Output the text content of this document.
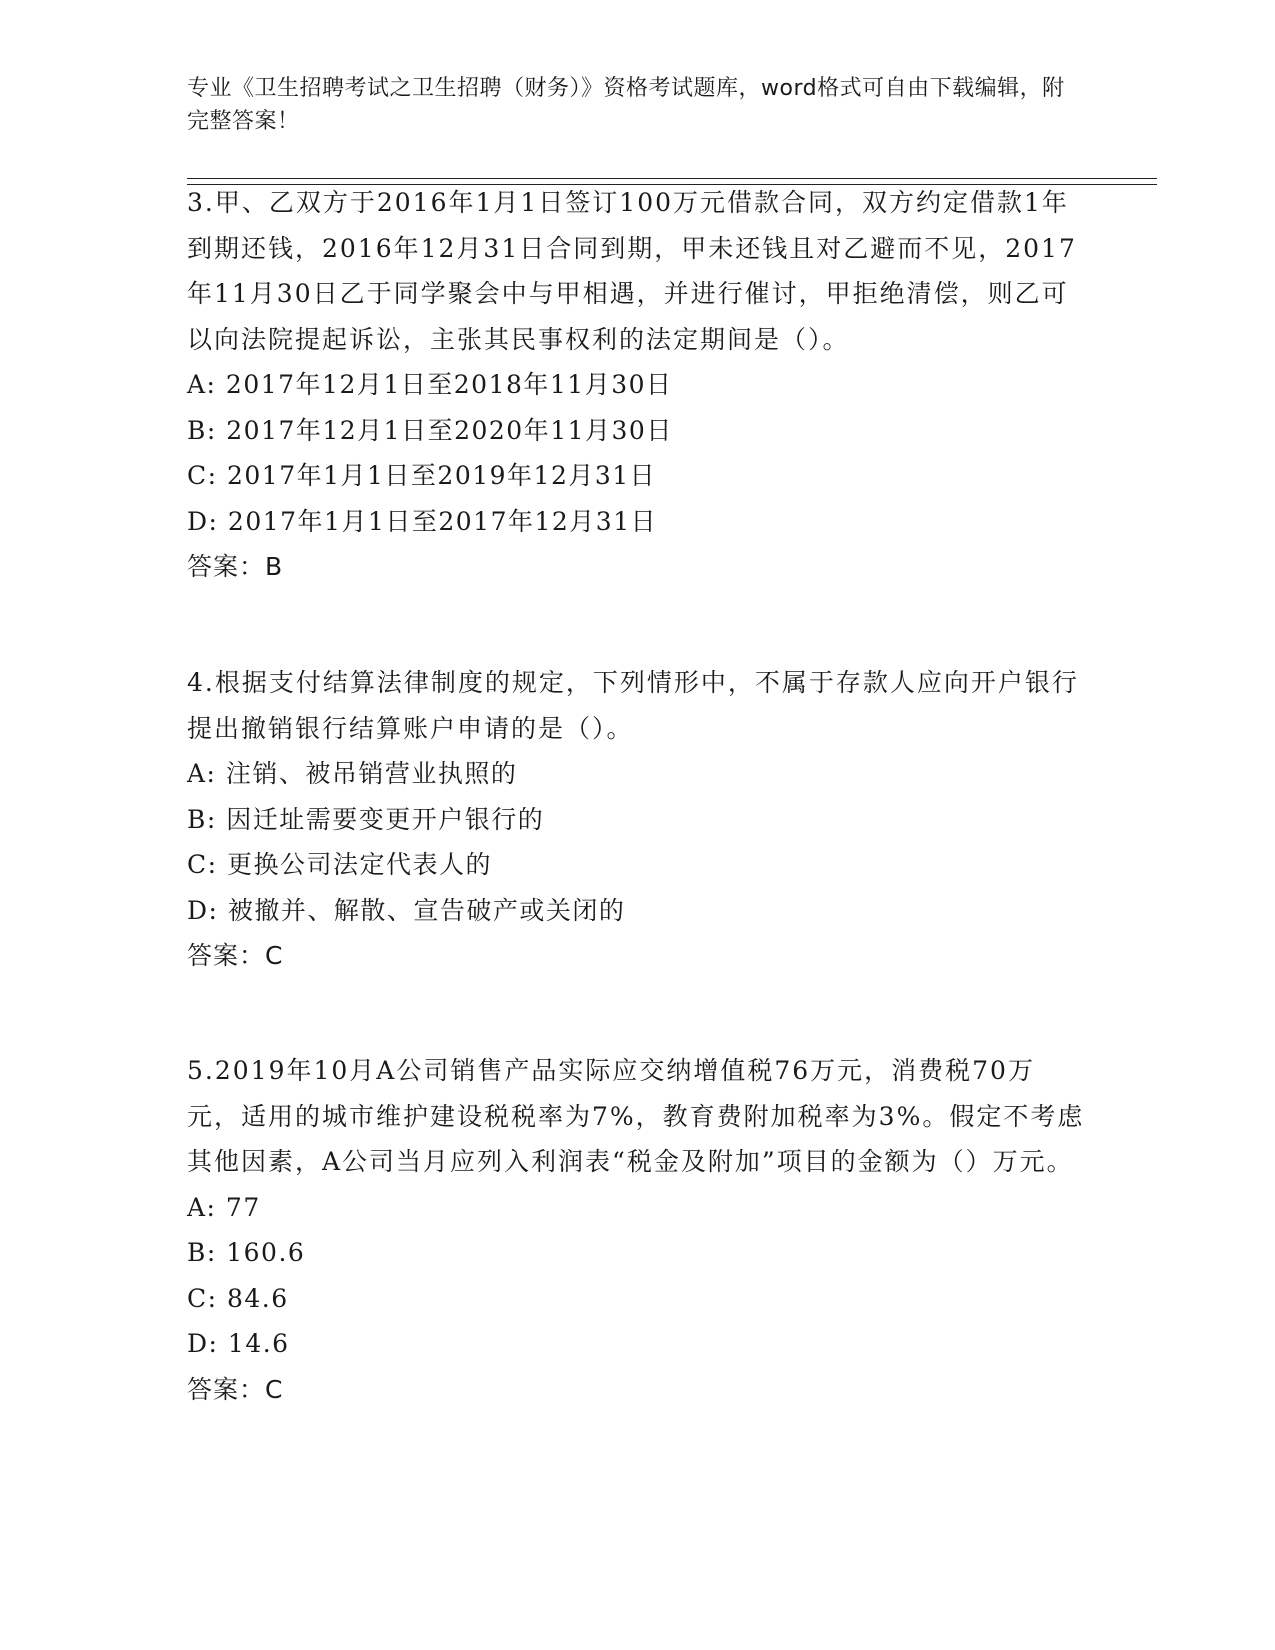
专业《卫生招聘考试之卫生招聘（财务）》资格考试题库，word格式可自由下载编辑，附完整答案！

3.甲、乙双方于2016年1月1日签订100万元借款合同，双方约定借款1年到期还钱，2016年12月31日合同到期，甲未还钱且对乙避而不见，2017年11月30日乙于同学聚会中与甲相遇，并进行催讨，甲拒绝清偿，则乙可以向法院提起诉讼，主张其民事权利的法定期间是（）。

A: 2017年12月1日至2018年11月30日

B: 2017年12月1日至2020年11月30日

C: 2017年1月1日至2019年12月31日

D: 2017年1月1日至2017年12月31日

答案：B

4.根据支付结算法律制度的规定，下列情形中，不属于存款人应向开户银行提出撤销银行结算账户申请的是（）。

A: 注销、被吊销营业执照的

B: 因迁址需要变更开户银行的

C: 更换公司法定代表人的

D: 被撤并、解散、宣告破产或关闭的

答案：C

5.2019年10月A公司销售产品实际应交纳增值税76万元，消费税70万元，适用的城市维护建设税税率为7%，教育费附加税率为3%。假定不考虑其他因素，A公司当月应列入利润表“税金及附加”项目的金额为（）万元。

A: 77

B: 160.6

C: 84.6

D: 14.6

答案：C
